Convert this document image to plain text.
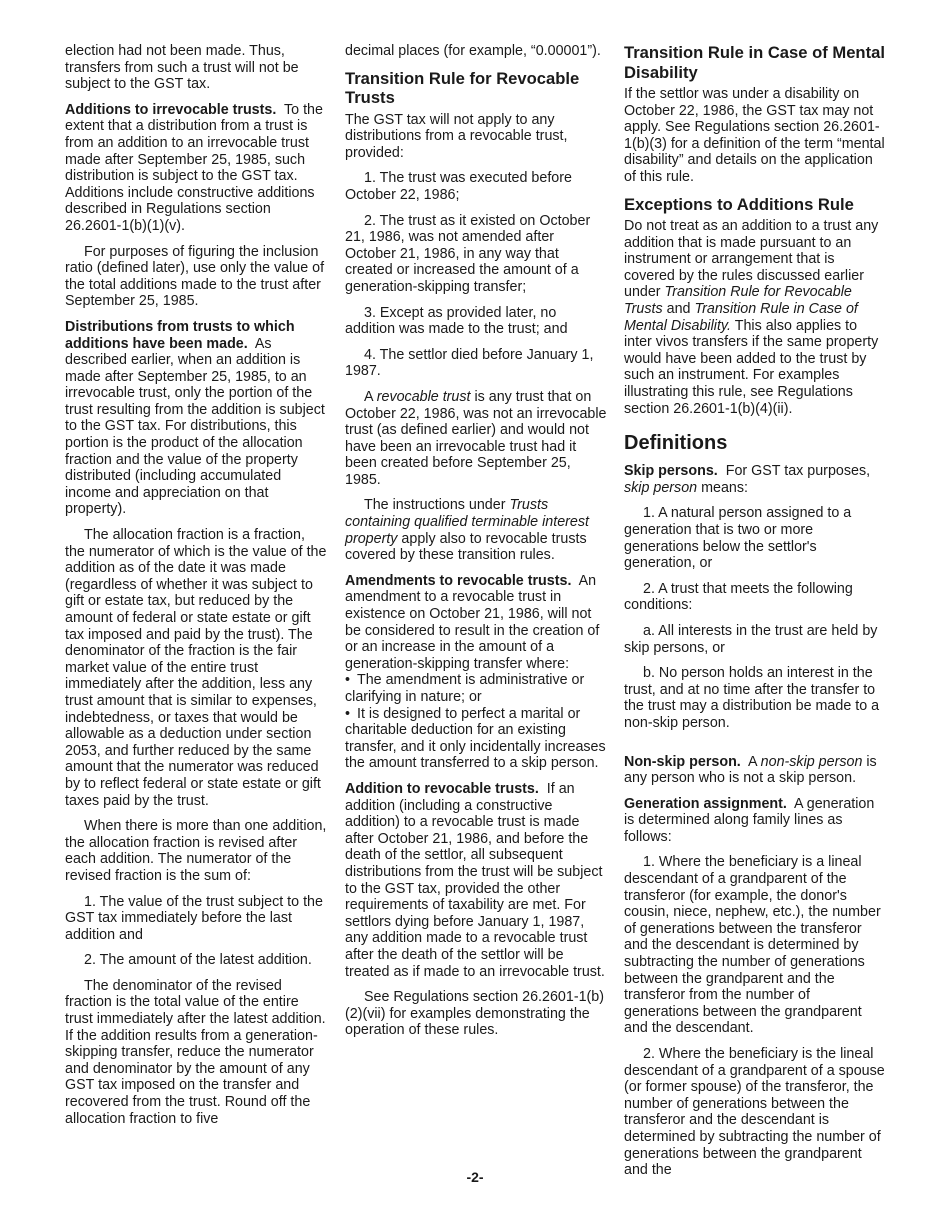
election had not been made. Thus, transfers from such a trust will not be subject to the GST tax.

Additions to irrevocable trusts. To the extent that a distribution from a trust is from an addition to an irrevocable trust made after September 25, 1985, such distribution is subject to the GST tax. Additions include constructive additions described in Regulations section 26.2601-1(b)(1)(v).

For purposes of figuring the inclusion ratio (defined later), use only the value of the total additions made to the trust after September 25, 1985.

Distributions from trusts to which additions have been made. As described earlier, when an addition is made after September 25, 1985, to an irrevocable trust, only the portion of the trust resulting from the addition is subject to the GST tax. For distributions, this portion is the product of the allocation fraction and the value of the property distributed (including accumulated income and appreciation on that property).

The allocation fraction is a fraction, the numerator of which is the value of the addition as of the date it was made (regardless of whether it was subject to gift or estate tax, but reduced by the amount of federal or state estate or gift tax imposed and paid by the trust). The denominator of the fraction is the fair market value of the entire trust immediately after the addition, less any trust amount that is similar to expenses, indebtedness, or taxes that would be allowable as a deduction under section 2053, and further reduced by the same amount that the numerator was reduced by to reflect federal or state estate or gift taxes paid by the trust.

When there is more than one addition, the allocation fraction is revised after each addition. The numerator of the revised fraction is the sum of:

1. The value of the trust subject to the GST tax immediately before the last addition and

2. The amount of the latest addition.

The denominator of the revised fraction is the total value of the entire trust immediately after the latest addition. If the addition results from a generation-skipping transfer, reduce the numerator and denominator by the amount of any GST tax imposed on the transfer and recovered from the trust. Round off the allocation fraction to five

decimal places (for example, “0.00001”).

Transition Rule for Revocable Trusts

The GST tax will not apply to any distributions from a revocable trust, provided:

1. The trust was executed before October 22, 1986;

2. The trust as it existed on October 21, 1986, was not amended after October 21, 1986, in any way that created or increased the amount of a generation-skipping transfer;

3. Except as provided later, no addition was made to the trust; and

4. The settlor died before January 1, 1987.

A revocable trust is any trust that on October 22, 1986, was not an irrevocable trust (as defined earlier) and would not have been an irrevocable trust had it been created before September 25, 1985.

The instructions under Trusts containing qualified terminable interest property apply also to revocable trusts covered by these transition rules.

Amendments to revocable trusts. An amendment to a revocable trust in existence on October 21, 1986, will not be considered to result in the creation of or an increase in the amount of a generation-skipping transfer where:

• The amendment is administrative or clarifying in nature; or

• It is designed to perfect a marital or charitable deduction for an existing transfer, and it only incidentally increases the amount transferred to a skip person.

Addition to revocable trusts. If an addition (including a constructive addition) to a revocable trust is made after October 21, 1986, and before the death of the settlor, all subsequent distributions from the trust will be subject to the GST tax, provided the other requirements of taxability are met. For settlors dying before January 1, 1987, any addition made to a revocable trust after the death of the settlor will be treated as if made to an irrevocable trust.

See Regulations section 26.2601-1(b)(2)(vii) for examples demonstrating the operation of these rules.

Transition Rule in Case of Mental Disability

If the settlor was under a disability on October 22, 1986, the GST tax may not apply. See Regulations section 26.2601-1(b)(3) for a definition of the term “mental disability” and details on the application of this rule.

Exceptions to Additions Rule

Do not treat as an addition to a trust any addition that is made pursuant to an instrument or arrangement that is covered by the rules discussed earlier under Transition Rule for Revocable Trusts and Transition Rule in Case of Mental Disability. This also applies to inter vivos transfers if the same property would have been added to the trust by such an instrument. For examples illustrating this rule, see Regulations section 26.2601-1(b)(4)(ii).

Definitions

Skip persons. For GST tax purposes, skip person means:

1. A natural person assigned to a generation that is two or more generations below the settlor's generation, or

2. A trust that meets the following conditions:

a. All interests in the trust are held by skip persons, or

b. No person holds an interest in the trust, and at no time after the transfer to the trust may a distribution be made to a non-skip person.

Non-skip person. A non-skip person is any person who is not a skip person.

Generation assignment. A generation is determined along family lines as follows:

1. Where the beneficiary is a lineal descendant of a grandparent of the transferor (for example, the donor's cousin, niece, nephew, etc.), the number of generations between the transferor and the descendant is determined by subtracting the number of generations between the grandparent and the transferor from the number of generations between the grandparent and the descendant.

2. Where the beneficiary is the lineal descendant of a grandparent of a spouse (or former spouse) of the transferor, the number of generations between the transferor and the descendant is determined by subtracting the number of generations between the grandparent and the

-2-
